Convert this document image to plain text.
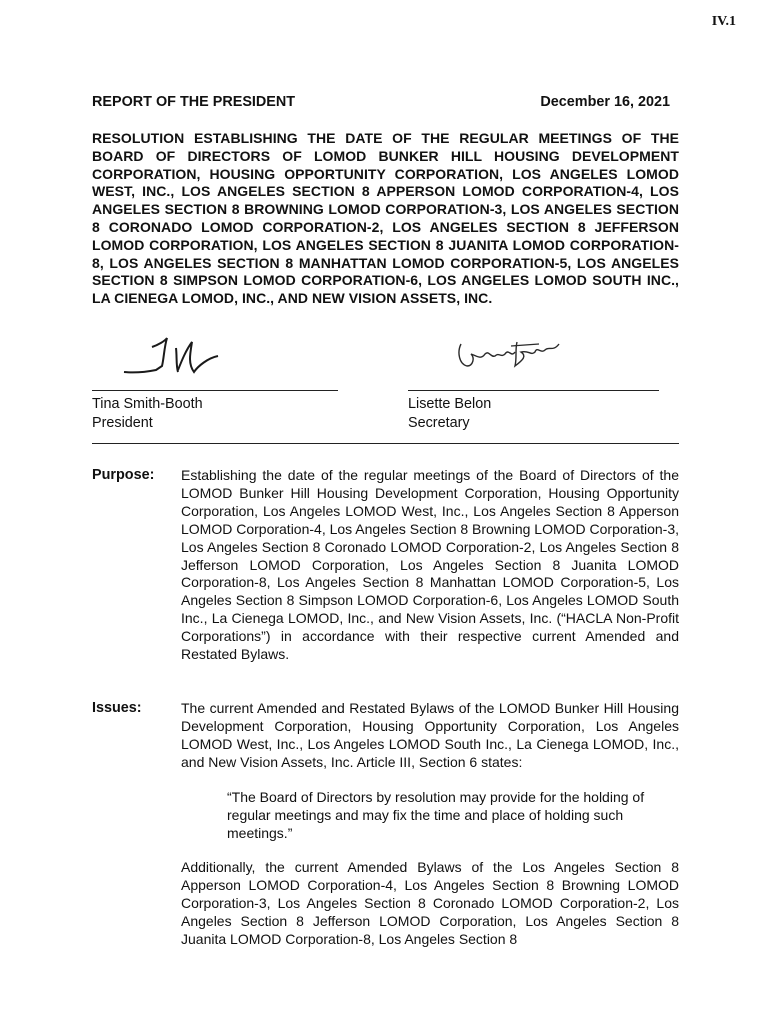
IV.1
REPORT OF THE PRESIDENT	December 16, 2021

RESOLUTION ESTABLISHING THE DATE OF THE REGULAR MEETINGS OF THE BOARD OF DIRECTORS OF LOMOD BUNKER HILL HOUSING DEVELOPMENT CORPORATION, HOUSING OPPORTUNITY CORPORATION, LOS ANGELES LOMOD WEST, INC., LOS ANGELES SECTION 8 APPERSON LOMOD CORPORATION-4, LOS ANGELES SECTION 8 BROWNING LOMOD CORPORATION-3, LOS ANGELES SECTION 8 CORONADO LOMOD CORPORATION-2, LOS ANGELES SECTION 8 JEFFERSON LOMOD CORPORATION, LOS ANGELES SECTION 8 JUANITA LOMOD CORPORATION-8, LOS ANGELES SECTION 8 MANHATTAN LOMOD CORPORATION-5, LOS ANGELES SECTION 8 SIMPSON LOMOD CORPORATION-6, LOS ANGELES LOMOD SOUTH INC., LA CIENEGA LOMOD, INC., AND NEW VISION ASSETS, INC.

Tina Smith-Booth
President
Lisette Belon
Secretary
Purpose: Establishing the date of the regular meetings of the Board of Directors of the LOMOD Bunker Hill Housing Development Corporation, Housing Opportunity Corporation, Los Angeles LOMOD West, Inc., Los Angeles Section 8 Apperson LOMOD Corporation-4, Los Angeles Section 8 Browning LOMOD Corporation-3, Los Angeles Section 8 Coronado LOMOD Corporation-2, Los Angeles Section 8 Jefferson LOMOD Corporation, Los Angeles Section 8 Juanita LOMOD Corporation-8, Los Angeles Section 8 Manhattan LOMOD Corporation-5, Los Angeles Section 8 Simpson LOMOD Corporation-6, Los Angeles LOMOD South Inc., La Cienega LOMOD, Inc., and New Vision Assets, Inc. (“HACLA Non-Profit Corporations”) in accordance with their respective current Amended and Restated Bylaws.

Issues:	The current Amended and Restated Bylaws of the LOMOD Bunker Hill Housing Development Corporation, Housing Opportunity Corporation, Los Angeles LOMOD West, Inc., Los Angeles LOMOD South Inc., La Cienega LOMOD, Inc., and New Vision Assets, Inc. Article III, Section 6 states:

“The Board of Directors by resolution may provide for the holding of
regular meetings and may fix the time and place of holding such
meetings.”

Additionally, the current Amended Bylaws of the Los Angeles Section 8 Apperson LOMOD Corporation-4, Los Angeles Section 8 Browning LOMOD Corporation-3, Los Angeles Section 8 Coronado LOMOD Corporation-2, Los Angeles Section 8 Jefferson LOMOD Corporation, Los Angeles Section 8 Juanita LOMOD Corporation-8, Los Angeles Section 8
